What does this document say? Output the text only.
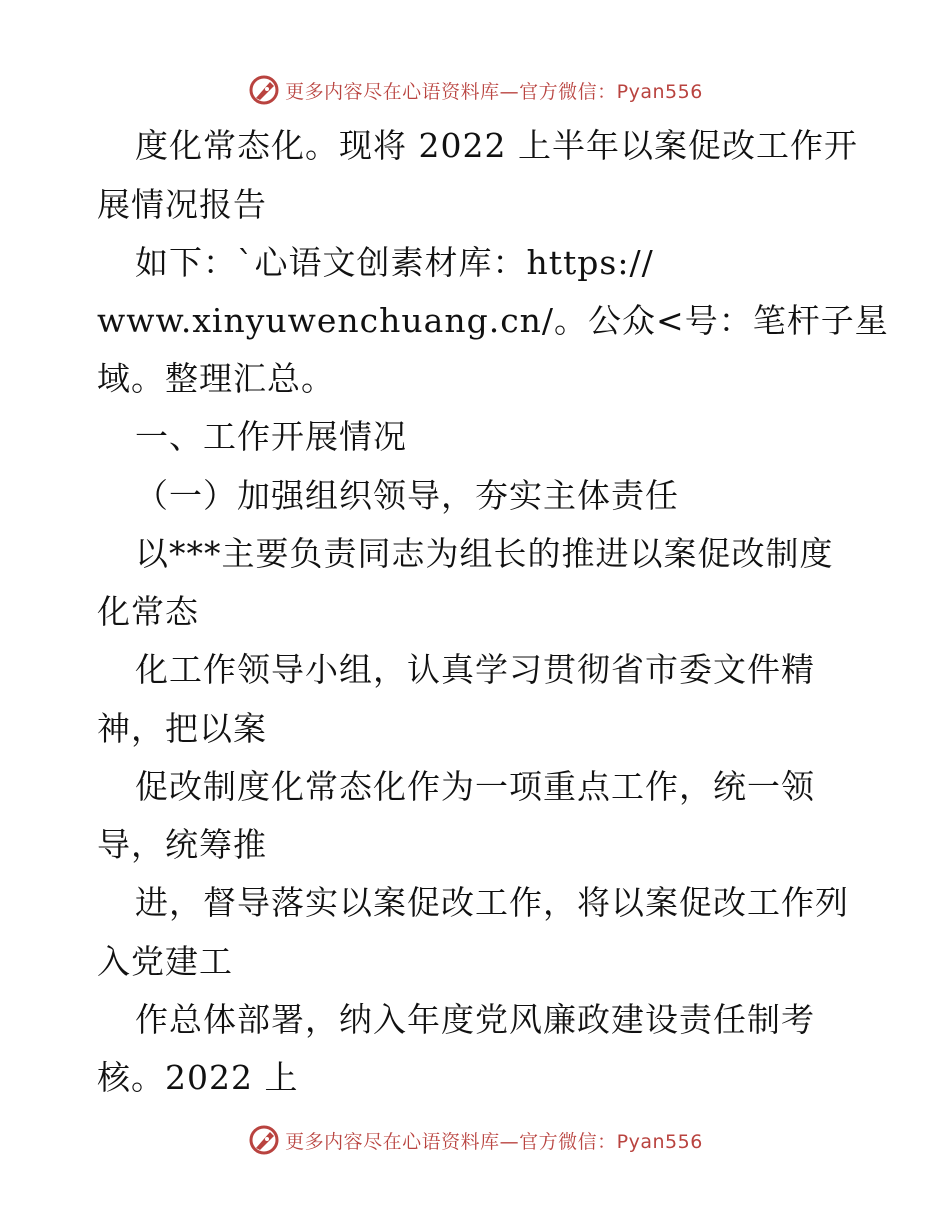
更多内容尽在心语资料库—官方微信：Pyan556
度化常态化。现将 2022 上半年以案促改工作开
展情况报告
如下：`心语文创素材库：https://
www.xinyuwenchuang.cn/。公众<号：笔杆子星
域。整理汇总。
一、工作开展情况
（一）加强组织领导，夯实主体责任
以***主要负责同志为组长的推进以案促改制度
化常态
化工作领导小组，认真学习贯彻省市委文件精
神，把以案
促改制度化常态化作为一项重点工作，统一领
导，统筹推
进，督导落实以案促改工作，将以案促改工作列
入党建工
作总体部署，纳入年度党风廉政建设责任制考
核。2022 上
更多内容尽在心语资料库—官方微信：Pyan556
